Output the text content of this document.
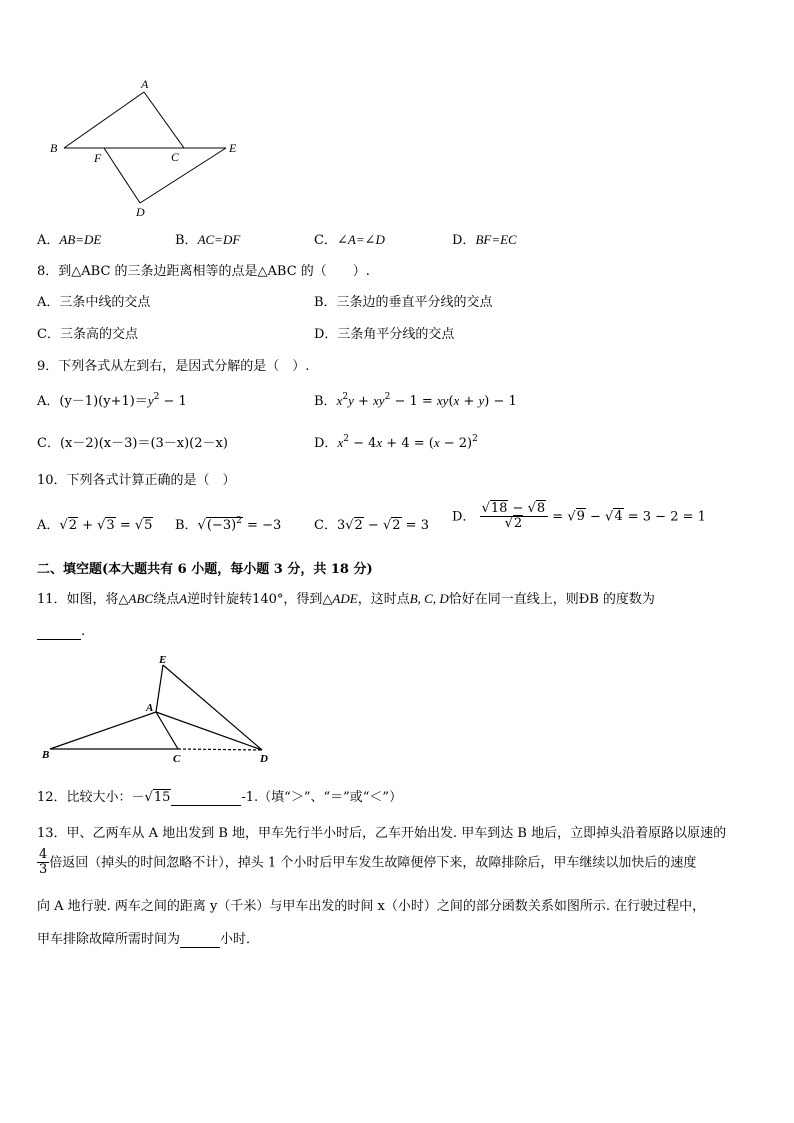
A
B
F	C
E
D
A．AB=DE	B．AC=DF	C．∠A=∠D	D．BF=EC
8．到△ABC 的三条边距离相等的点是△ABC 的（　　）.
A．三条中线的交点	B．三条边的垂直平分线的交点
C．三条高的交点	D．三条角平分线的交点
9．下列各式从左到右，是因式分解的是（　）.
A．$(y-1)(y+1)=y^2 - 1$	B．$x^2y + xy^2 - 1 = xy(x + y) - 1$
C．(x－2)(x－3)＝(3－x)(2－x)	D．$x^2 - 4x + 4 = (x - 2)^2$
10．下列各式计算正确的是（　）
A．√2 + √3 = √5 B．$√(-3)^2 = -3$	C．3√2 − √2 = 3
D． $\frac{√18 - √8}{√2} = √9 - √4 = 3 - 2 = 1$
二、填空题(本大题共有 6 小题，每小题 3 分，共 18 分)
11．如图，将△ABC绕点A逆时针旋转140°，得到△ADE，这时点B, C, D恰好在同一直线上，则ÐB 的度数为
.
E
A
B	C	D
12．比较大小：－√15	-1.（填“＞”、“＝”或“＜”）
13．甲、乙两车从 A 地出发到 B 地，甲车先行半小时后，乙车开始出发. 甲车到达 B 地后，立即掉头沿着原路以原速的
$\frac{4}{3}$ 倍返回（掉头的时间忽略不计），掉头 1 个小时后甲车发生故障便停下来，故障排除后，甲车继续以加快后的速度
向 A 地行驶. 两车之间的距离 y（千米）与甲车出发的时间 x（小时）之间的部分函数关系如图所示. 在行驶过程中，
甲车排除故障所需时间为	小时．
